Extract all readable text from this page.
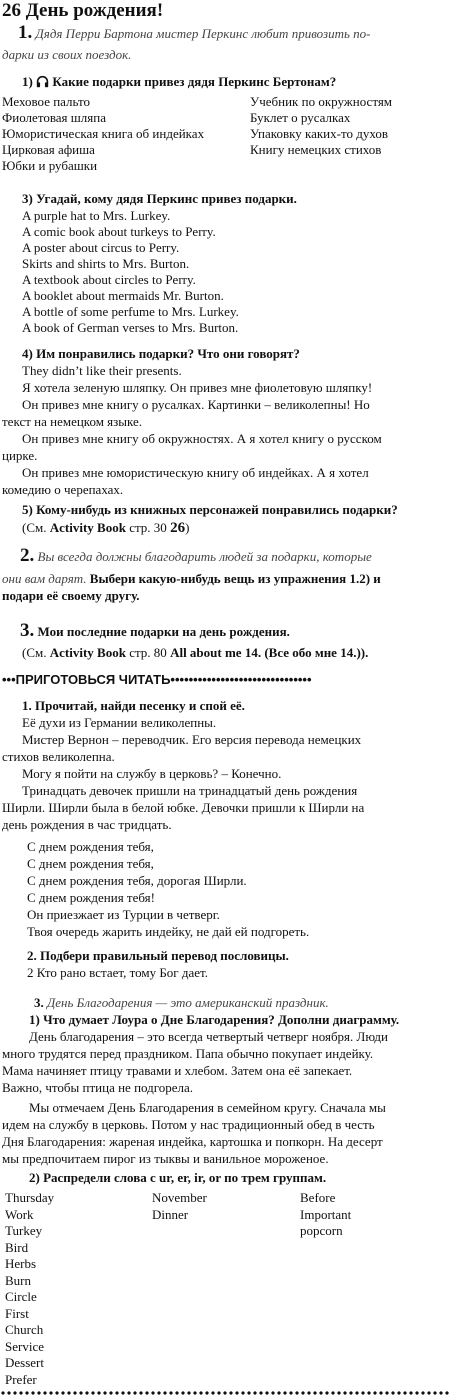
26 День рождения!
1. Дядя Перри Бартона мистер Перкинс любит привозить по-
дарки из своих поездок.
1) Какие подарки привез дядя Перкинс Бертонам?
Меховое пальто
Фиолетовая шляпа
Юмористическая книга об индейках
Цирковая афиша
Юбки и рубашки
Учебник по окружностям
Буклет о русалках
Упаковку каких-то духов
Книгу немецких стихов
3) Угадай, кому дядя Перкинс привез подарки.
A purple hat to Mrs. Lurkey.
A comic book about turkeys to Perry.
A poster about circus to Perry.
Skirts and shirts to Mrs. Burton.
A textbook about circles to Perry.
A booklet about mermaids Mr. Burton.
A bottle of some perfume to Mrs. Lurkey.
A book of German verses to Mrs. Burton.
4) Им понравились подарки? Что они говорят?
They didn’t like their presents.
Я хотела зеленую шляпку. Он привез мне фиолетовую шляпку!
Он привез мне книгу о русалках. Картинки – великолепны! Но
текст на немецком языке.
Он привез мне книгу об окружностях. А я хотел книгу о русском
цирке.
Он привез мне юмористическую книгу об индейках. А я хотел
комедию о черепахах.
5) Кому-нибудь из книжных персонажей понравились подарки?
(См. Activity Book стр. 30 26)
2. Вы всегда должны благодарить людей за подарки, которые
они вам дарят. Выбери какую-нибудь вещь из упражнения 1.2) и
подари её своему другу.
3. Мои последние подарки на день рождения.
(См. Activity Book стр. 80 All about me 14. (Все обо мне 14.)).
•••ПРИГОТОВЬСЯ ЧИТАТЬ•••••••••••••••••••••••••••••••
1. Прочитай, найди песенку и спой её.
Её духи из Германии великолепны.
Мистер Вернон – переводчик. Его версия перевода немецких
стихов великолепна.
Могу я пойти на службу в церковь? – Конечно.
Тринадцать девочек пришли на тринадцатый день рождения
Ширли. Ширли была в белой юбке. Девочки пришли к Ширли на
день рождения в час тридцать.
С днем рождения тебя,
С днем рождения тебя,
С днем рождения тебя, дорогая Ширли.
С днем рождения тебя!
Он приезжает из Турции в четверг.
Твоя очередь жарить индейку, не дай ей подгореть.
2. Подбери правильный перевод пословицы.
2 Кто рано встает, тому Бог дает.
3. День Благодарения — это американский праздник.
1) Что думает Лоура о Дне Благодарения? Дополни диаграмму.
День благодарения – это всегда четвертый четверг ноября. Люди
много трудятся перед праздником. Папа обычно покупает индейку.
Мама начиняет птицу травами и хлебом. Затем она её запекает.
Важно, чтобы птица не подгорела.
Мы отмечаем День Благодарения в семейном кругу. Сначала мы
идем на службу в церковь. Потом у нас традиционный обед в честь
Дня Благодарения: жареная индейка, картошка и попкорн. На десерт
мы предпочитаем пирог из тыквы и ванильное мороженое.
2) Распредели слова с ur, er, ir, or по трем группам.
Thursday
Work
Turkey
Bird
Herbs
Burn
Circle
First
Church
Service
Dessert
Prefer
November
Dinner
Before
Important
popcorn
